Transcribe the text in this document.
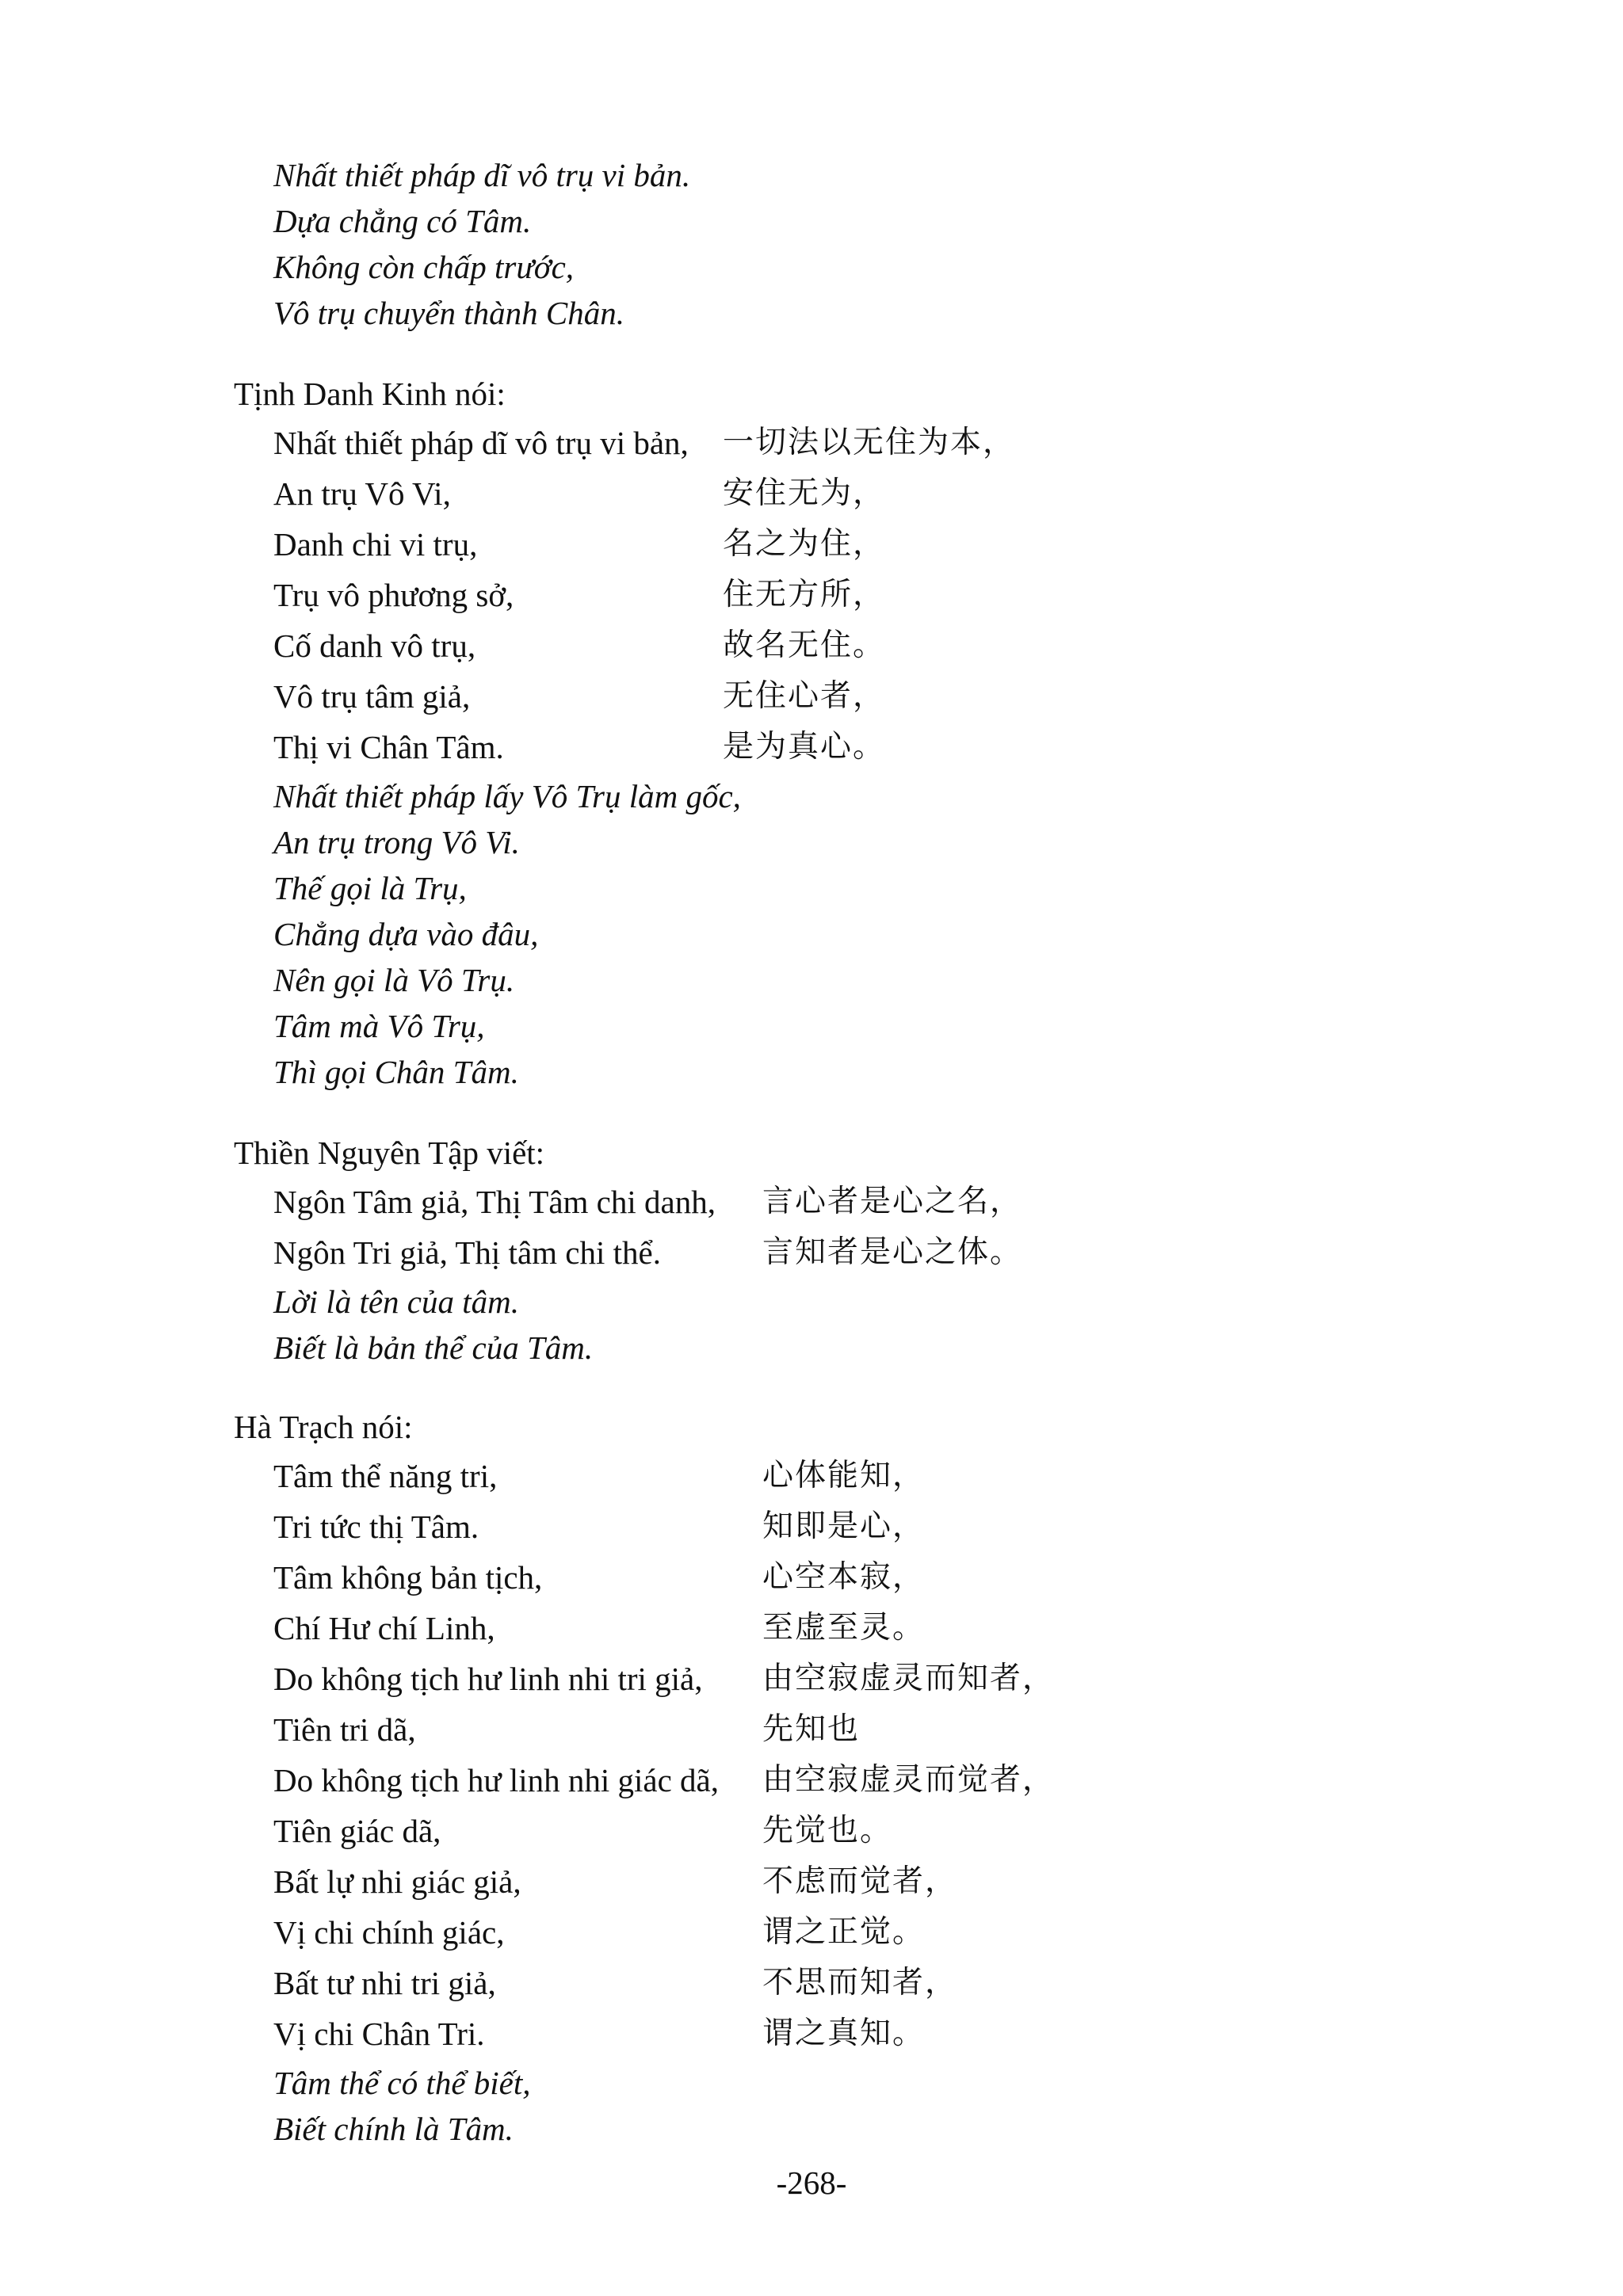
Nhất thiết pháp dĩ vô trụ vi bản.
Dựa chẳng có Tâm.
Không còn chấp trước,
Vô trụ chuyển thành Chân.
Tịnh Danh Kinh nói:
Nhất thiết pháp dĩ vô trụ vi bản, 一切法以无住为本，
An trụ Vô Vi,	安住无为，
Danh chi vi trụ,	名之为住，
Trụ vô phương sở,	住无方所，
Cố danh vô trụ,	故名无住。
Vô trụ tâm giả,	无住心者，
Thị vi Chân Tâm.	是为真心。
Nhất thiết pháp lấy Vô Trụ làm gốc,
An trụ trong Vô Vi.
Thế gọi là Trụ,
Chẳng dựa vào đâu,
Nên gọi là Vô Trụ.
Tâm mà Vô Trụ,
Thì gọi Chân Tâm.
Thiền Nguyên Tập viết:
Ngôn Tâm giả, Thị Tâm chi danh, 言心者是心之名，
Ngôn Tri giả, Thị tâm chi thể.	言知者是心之体。
Lời là tên của tâm.
Biết là bản thể của Tâm.
Hà Trạch nói:
Tâm thể năng tri,	心体能知，
Tri tức thị Tâm.	知即是心，
Tâm không bản tịch,	心空本寂，
Chí Hư chí Linh,	至虚至灵。
Do không tịch hư linh nhi tri giả, 由空寂虚灵而知者，
Tiên tri dã,	先知也
Do không tịch hư linh nhi giác dã, 由空寂虚灵而觉者，
Tiên giác dã,	先觉也。
Bất lự nhi giác giả,	不虑而觉者，
Vị chi chính giác,	谓之正觉。
Bất tư nhi tri giả,	不思而知者，
Vị chi Chân Tri.	谓之真知。
Tâm thể có thể biết,
Biết chính là Tâm.
-268-
